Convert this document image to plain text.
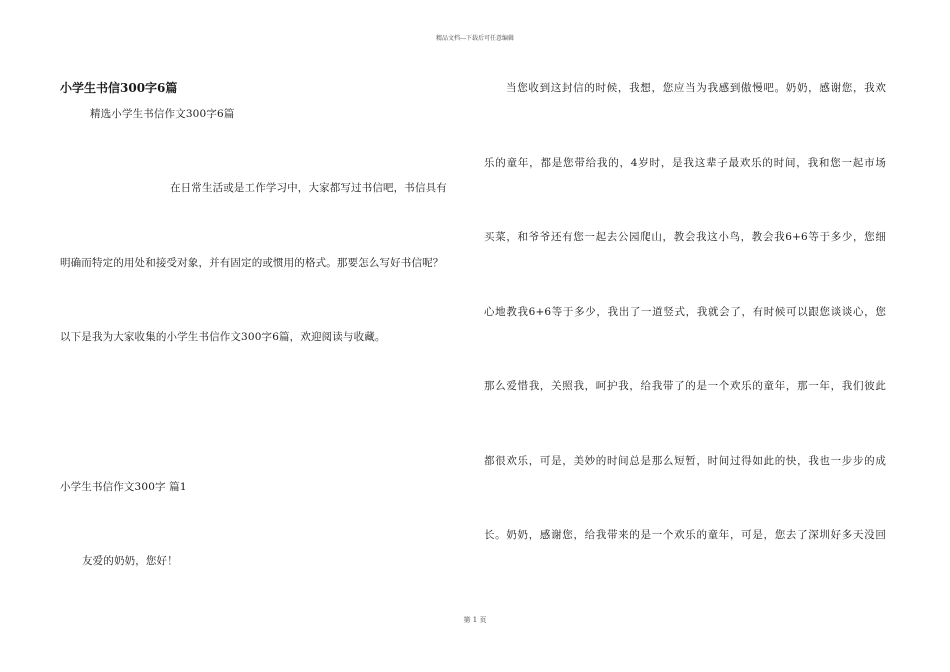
精品文档---下载后可任意编辑
小学生书信300字6篇
精选小学生书信作文300字6篇
在日常生活或是工作学习中，大家都写过书信吧，书信具有
明确而特定的用处和接受对象，并有固定的或惯用的格式。那要怎么写好书信呢？
以下是我为大家收集的小学生书信作文300字6篇，欢迎阅读与收藏。
小学生书信作文300字 篇1
友爱的奶奶，您好！
当您收到这封信的时候，我想，您应当为我感到傲慢吧。奶奶，感谢您，我欢
乐的童年，都是您带给我的，4岁时，是我这辈子最欢乐的时间，我和您一起市场
买菜，和爷爷还有您一起去公园爬山，教会我这小鸟，教会我6+6等于多少，您细
心地教我6+6等于多少，我出了一道竖式，我就会了，有时候可以跟您谈谈心，您
那么爱惜我，关照我，呵护我，给我带了的是一个欢乐的童年，那一年，我们彼此
都很欢乐，可是，美妙的时间总是那么短暂，时间过得如此的快，我也一步步的成
长。奶奶，感谢您，给我带来的是一个欢乐的童年，可是，您去了深圳好多天没回
第 1 页
